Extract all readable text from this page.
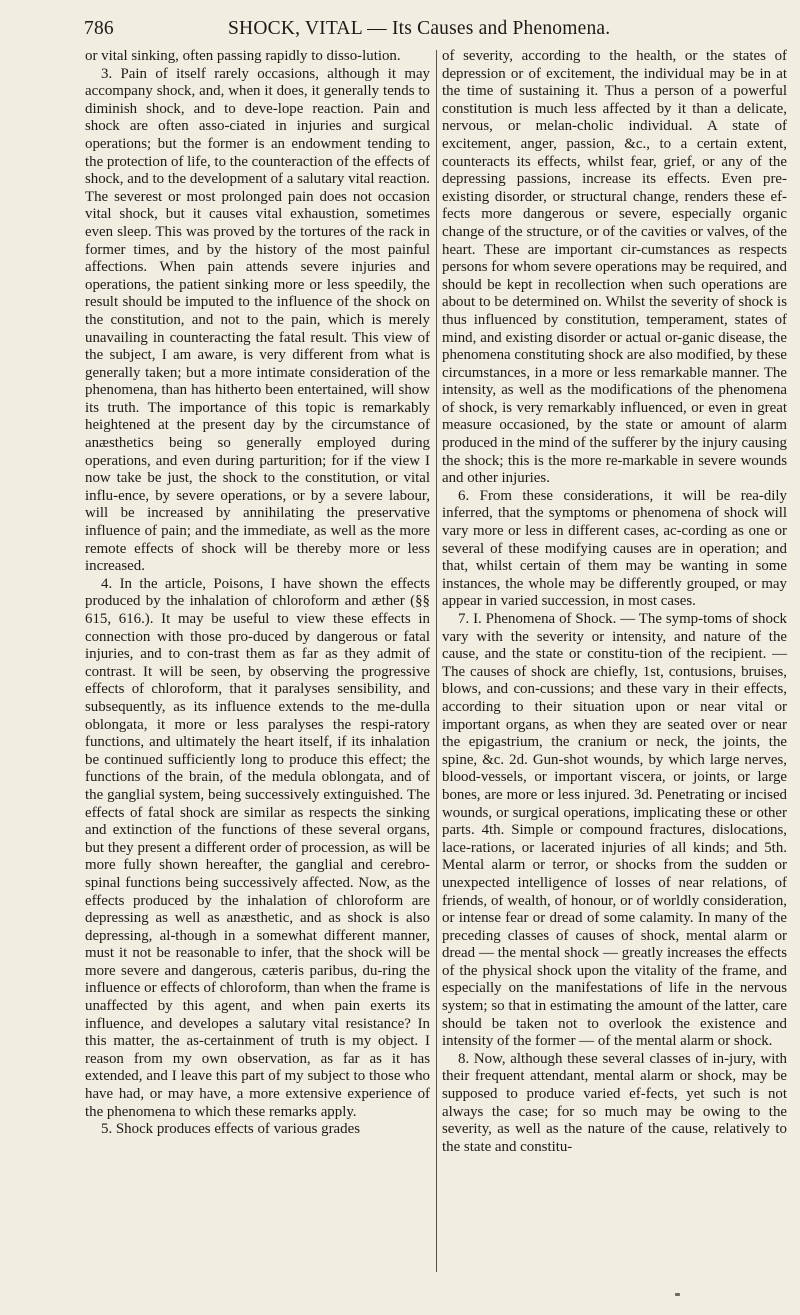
786	SHOCK, VITAL — Its Causes and Phenomena.

or vital sinking, often passing rapidly to disso-lution.

3. Pain of itself rarely occasions, although it may accompany shock, and, when it does, it generally tends to diminish shock, and to deve-lope reaction. Pain and shock are often asso-ciated in injuries and surgical operations; but the former is an endowment tending to the protection of life, to the counteraction of the effects of shock, and to the development of a salutary vital reaction. The severest or most prolonged pain does not occasion vital shock, but it causes vital exhaustion, sometimes even sleep. This was proved by the tortures of the rack in former times, and by the history of the most painful affections. When pain attends severe injuries and operations, the patient sinking more or less speedily, the result should be imputed to the influence of the shock on the constitution, and not to the pain, which is merely unavailing in counteracting the fatal result. This view of the subject, I am aware, is very different from what is generally taken; but a more intimate consideration of the phenomena, than has hitherto been entertained, will show its truth. The importance of this topic is remarkably heightened at the present day by the circumstance of anæsthetics being so generally employed during operations, and even during parturition; for if the view I now take be just, the shock to the constitution, or vital influ-ence, by severe operations, or by a severe labour, will be increased by annihilating the preservative influence of pain; and the immediate, as well as the more remote effects of shock will be thereby more or less increased.

4. In the article, Poisons, I have shown the effects produced by the inhalation of chloroform and æther (§§ 615, 616.). It may be useful to view these effects in connection with those pro-duced by dangerous or fatal injuries, and to con-trast them as far as they admit of contrast. It will be seen, by observing the progressive effects of chloroform, that it paralyses sensibility, and subsequently, as its influence extends to the me-dulla oblongata, it more or less paralyses the respi-ratory functions, and ultimately the heart itself, if its inhalation be continued sufficiently long to produce this effect; the functions of the brain, of the medula oblongata, and of the ganglial system, being successively extinguished. The effects of fatal shock are similar as respects the sinking and extinction of the functions of these several organs, but they present a different order of procession, as will be more fully shown hereafter, the ganglial and cerebro-spinal functions being successively affected. Now, as the effects produced by the inhalation of chloroform are depressing as well as anæsthetic, and as shock is also depressing, al-though in a somewhat different manner, must it not be reasonable to infer, that the shock will be more severe and dangerous, cæteris paribus, du-ring the influence or effects of chloroform, than when the frame is unaffected by this agent, and when pain exerts its influence, and developes a salutary vital resistance? In this matter, the as-certainment of truth is my object. I reason from my own observation, as far as it has extended, and I leave this part of my subject to those who have had, or may have, a more extensive experience of the phenomena to which these remarks apply.

5. Shock produces effects of various grades

of severity, according to the health, or the states of depression or of excitement, the individual may be in at the time of sustaining it. Thus a person of a powerful constitution is much less affected by it than a delicate, nervous, or melan-cholic individual. A state of excitement, anger, passion, &c., to a certain extent, counteracts its effects, whilst fear, grief, or any of the depressing passions, increase its effects. Even pre-existing disorder, or structural change, renders these ef-fects more dangerous or severe, especially organic change of the structure, or of the cavities or valves, of the heart. These are important cir-cumstances as respects persons for whom severe operations may be required, and should be kept in recollection when such operations are about to be determined on. Whilst the severity of shock is thus influenced by constitution, temperament, states of mind, and existing disorder or actual or-ganic disease, the phenomena constituting shock are also modified, by these circumstances, in a more or less remarkable manner. The intensity, as well as the modifications of the phenomena of shock, is very remarkably influenced, or even in great measure occasioned, by the state or amount of alarm produced in the mind of the sufferer by the injury causing the shock; this is the more re-markable in severe wounds and other injuries.

6. From these considerations, it will be rea-dily inferred, that the symptoms or phenomena of shock will vary more or less in different cases, ac-cording as one or several of these modifying causes are in operation; and that, whilst certain of them may be wanting in some instances, the whole may be differently grouped, or may appear in varied succession, in most cases.

7. I. Phenomena of Shock. — The symp-toms of shock vary with the severity or intensity, and nature of the cause, and the state or constitu-tion of the recipient. — The causes of shock are chiefly, 1st, contusions, bruises, blows, and con-cussions; and these vary in their effects, according to their situation upon or near vital or important organs, as when they are seated over or near the epigastrium, the cranium or neck, the joints, the spine, &c. 2d. Gun-shot wounds, by which large nerves, blood-vessels, or important viscera, or joints, or large bones, are more or less injured. 3d. Penetrating or incised wounds, or surgical operations, implicating these or other parts. 4th. Simple or compound fractures, dislocations, lace-rations, or lacerated injuries of all kinds; and 5th. Mental alarm or terror, or shocks from the sudden or unexpected intelligence of losses of near relations, of friends, of wealth, of honour, or of worldly consideration, or intense fear or dread of some calamity. In many of the preceding classes of causes of shock, mental alarm or dread — the mental shock — greatly increases the effects of the physical shock upon the vitality of the frame, and especially on the manifestations of life in the nervous system; so that in estimating the amount of the latter, care should be taken not to overlook the existence and intensity of the former — of the mental alarm or shock.

8. Now, although these several classes of in-jury, with their frequent attendant, mental alarm or shock, may be supposed to produce varied ef-fects, yet such is not always the case; for so much may be owing to the severity, as well as the nature of the cause, relatively to the state and constitu-
